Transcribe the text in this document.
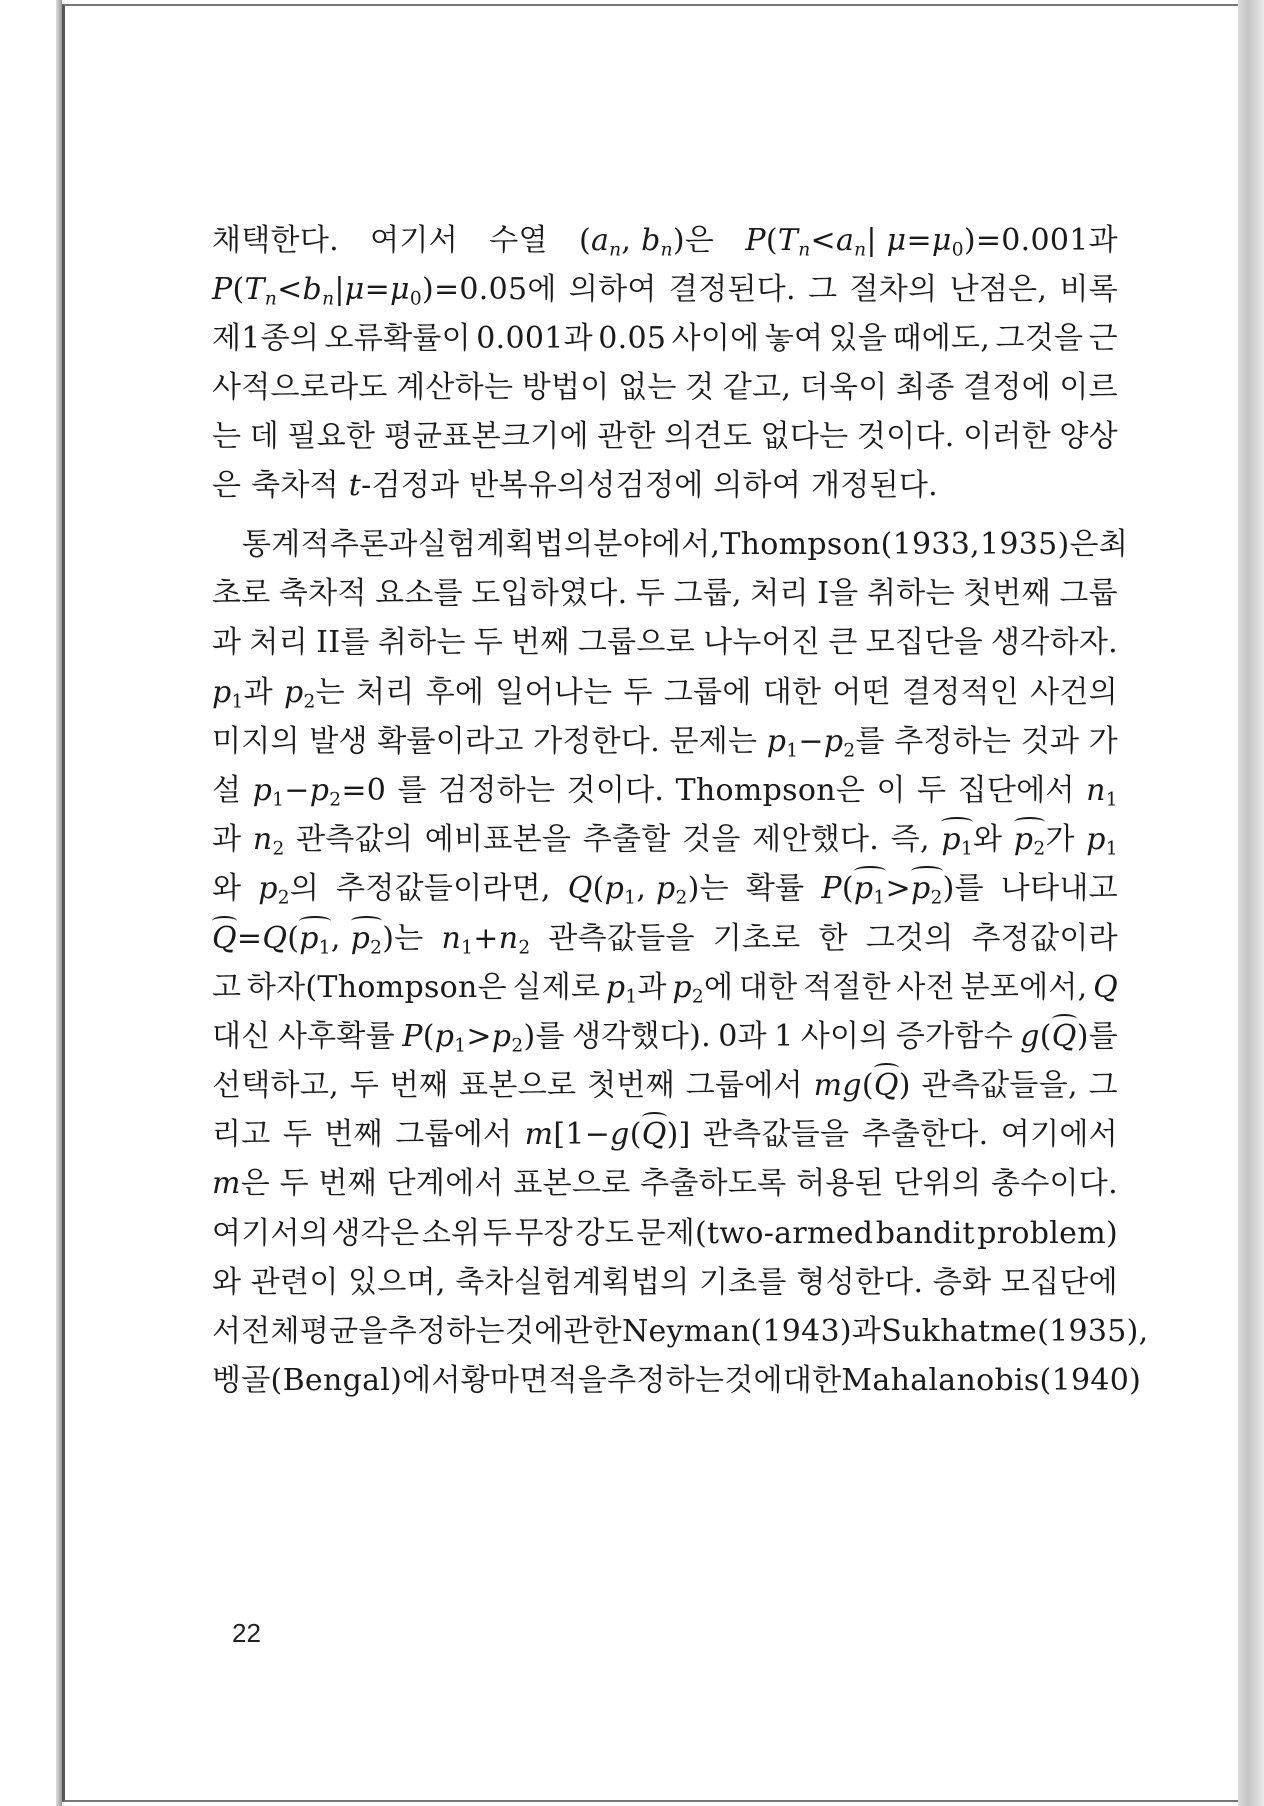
채택한다. 여기서 수열 ($a_n$, $b_n$)은 $P(T_n<a_n|$ $\mu=\mu_0)=0.001$과
$P(T_n<b_n|\mu=\mu_0)=0.05$에 의하여 결정된다. 그 절차의 난점은, 비록
제1종의 오류확률이 0.001과 0.05 사이에 놓여 있을 때에도, 그것을 근
사적으로라도 계산하는 방법이 없는 것 같고, 더욱이 최종 결정에 이르
는 데 필요한 평균표본크기에 관한 의견도 없다는 것이다. 이러한 양상
은 축차적 t-검정과 반복유의성검정에 의하여 개정된다.
통계적 추론과 실험계획법의 분야에서, Thompson(1933, 1935)은 최
초로 축차적 요소를 도입하였다. 두 그룹, 처리 I을 취하는 첫번째 그룹
과 처리 II를 취하는 두 번째 그룹으로 나누어진 큰 모집단을 생각하자.
$p_1$과 $p_2$는 처리 후에 일어나는 두 그룹에 대한 어떤 결정적인 사건의
미지의 발생 확률이라고 가정한다. 문제는 $p_1-p_2$를 추정하는 것과 가
설 $p_1-p_2=0$ 를 검정하는 것이다. Thompson은 이 두 집단에서 $n_1$
과 $n_2$ 관측값의 예비표본을 추출할 것을 제안했다. 즉, $p_1$와 $p_2$가 $p_1$
와 $p_2$의 추정값들이라면, $Q(p_1$, $p_2$)는 확률 $P(p_1>p_2)$를 나타내고
$Q=Q(p_1$, $p_2$)는 $n_1+n_2$ 관측값들을 기초로 한 그것의 추정값이라
고 하자(Thompson은 실제로 $p_1$과 $p_2$에 대한 적절한 사전 분포에서, Q
대신 사후확률 $P(p_1>p_2)$를 생각했다). 0과 1 사이의 증가함수 g(Q)를
선택하고, 두 번째 표본으로 첫번째 그룹에서 mg(Q) 관측값들을, 그
리고 두 번째 그룹에서 m[1−g(Q)] 관측값들을 추출한다. 여기에서
m은 두 번째 단계에서 표본으로 추출하도록 허용된 단위의 총수이다.
여기서의 생각은 소위 두 무장 강도 문제(two-armed bandit problem)
와 관련이 있으며, 축차실험계획법의 기초를 형성한다. 층화 모집단에
서 전체 평균을 추정하는 것에 관한 Neyman(1943)과 Sukhatme(1935),
벵골(Bengal)에서 황마 면적을 추정하는 것에 대한 Mahalanobis(1940)
22
